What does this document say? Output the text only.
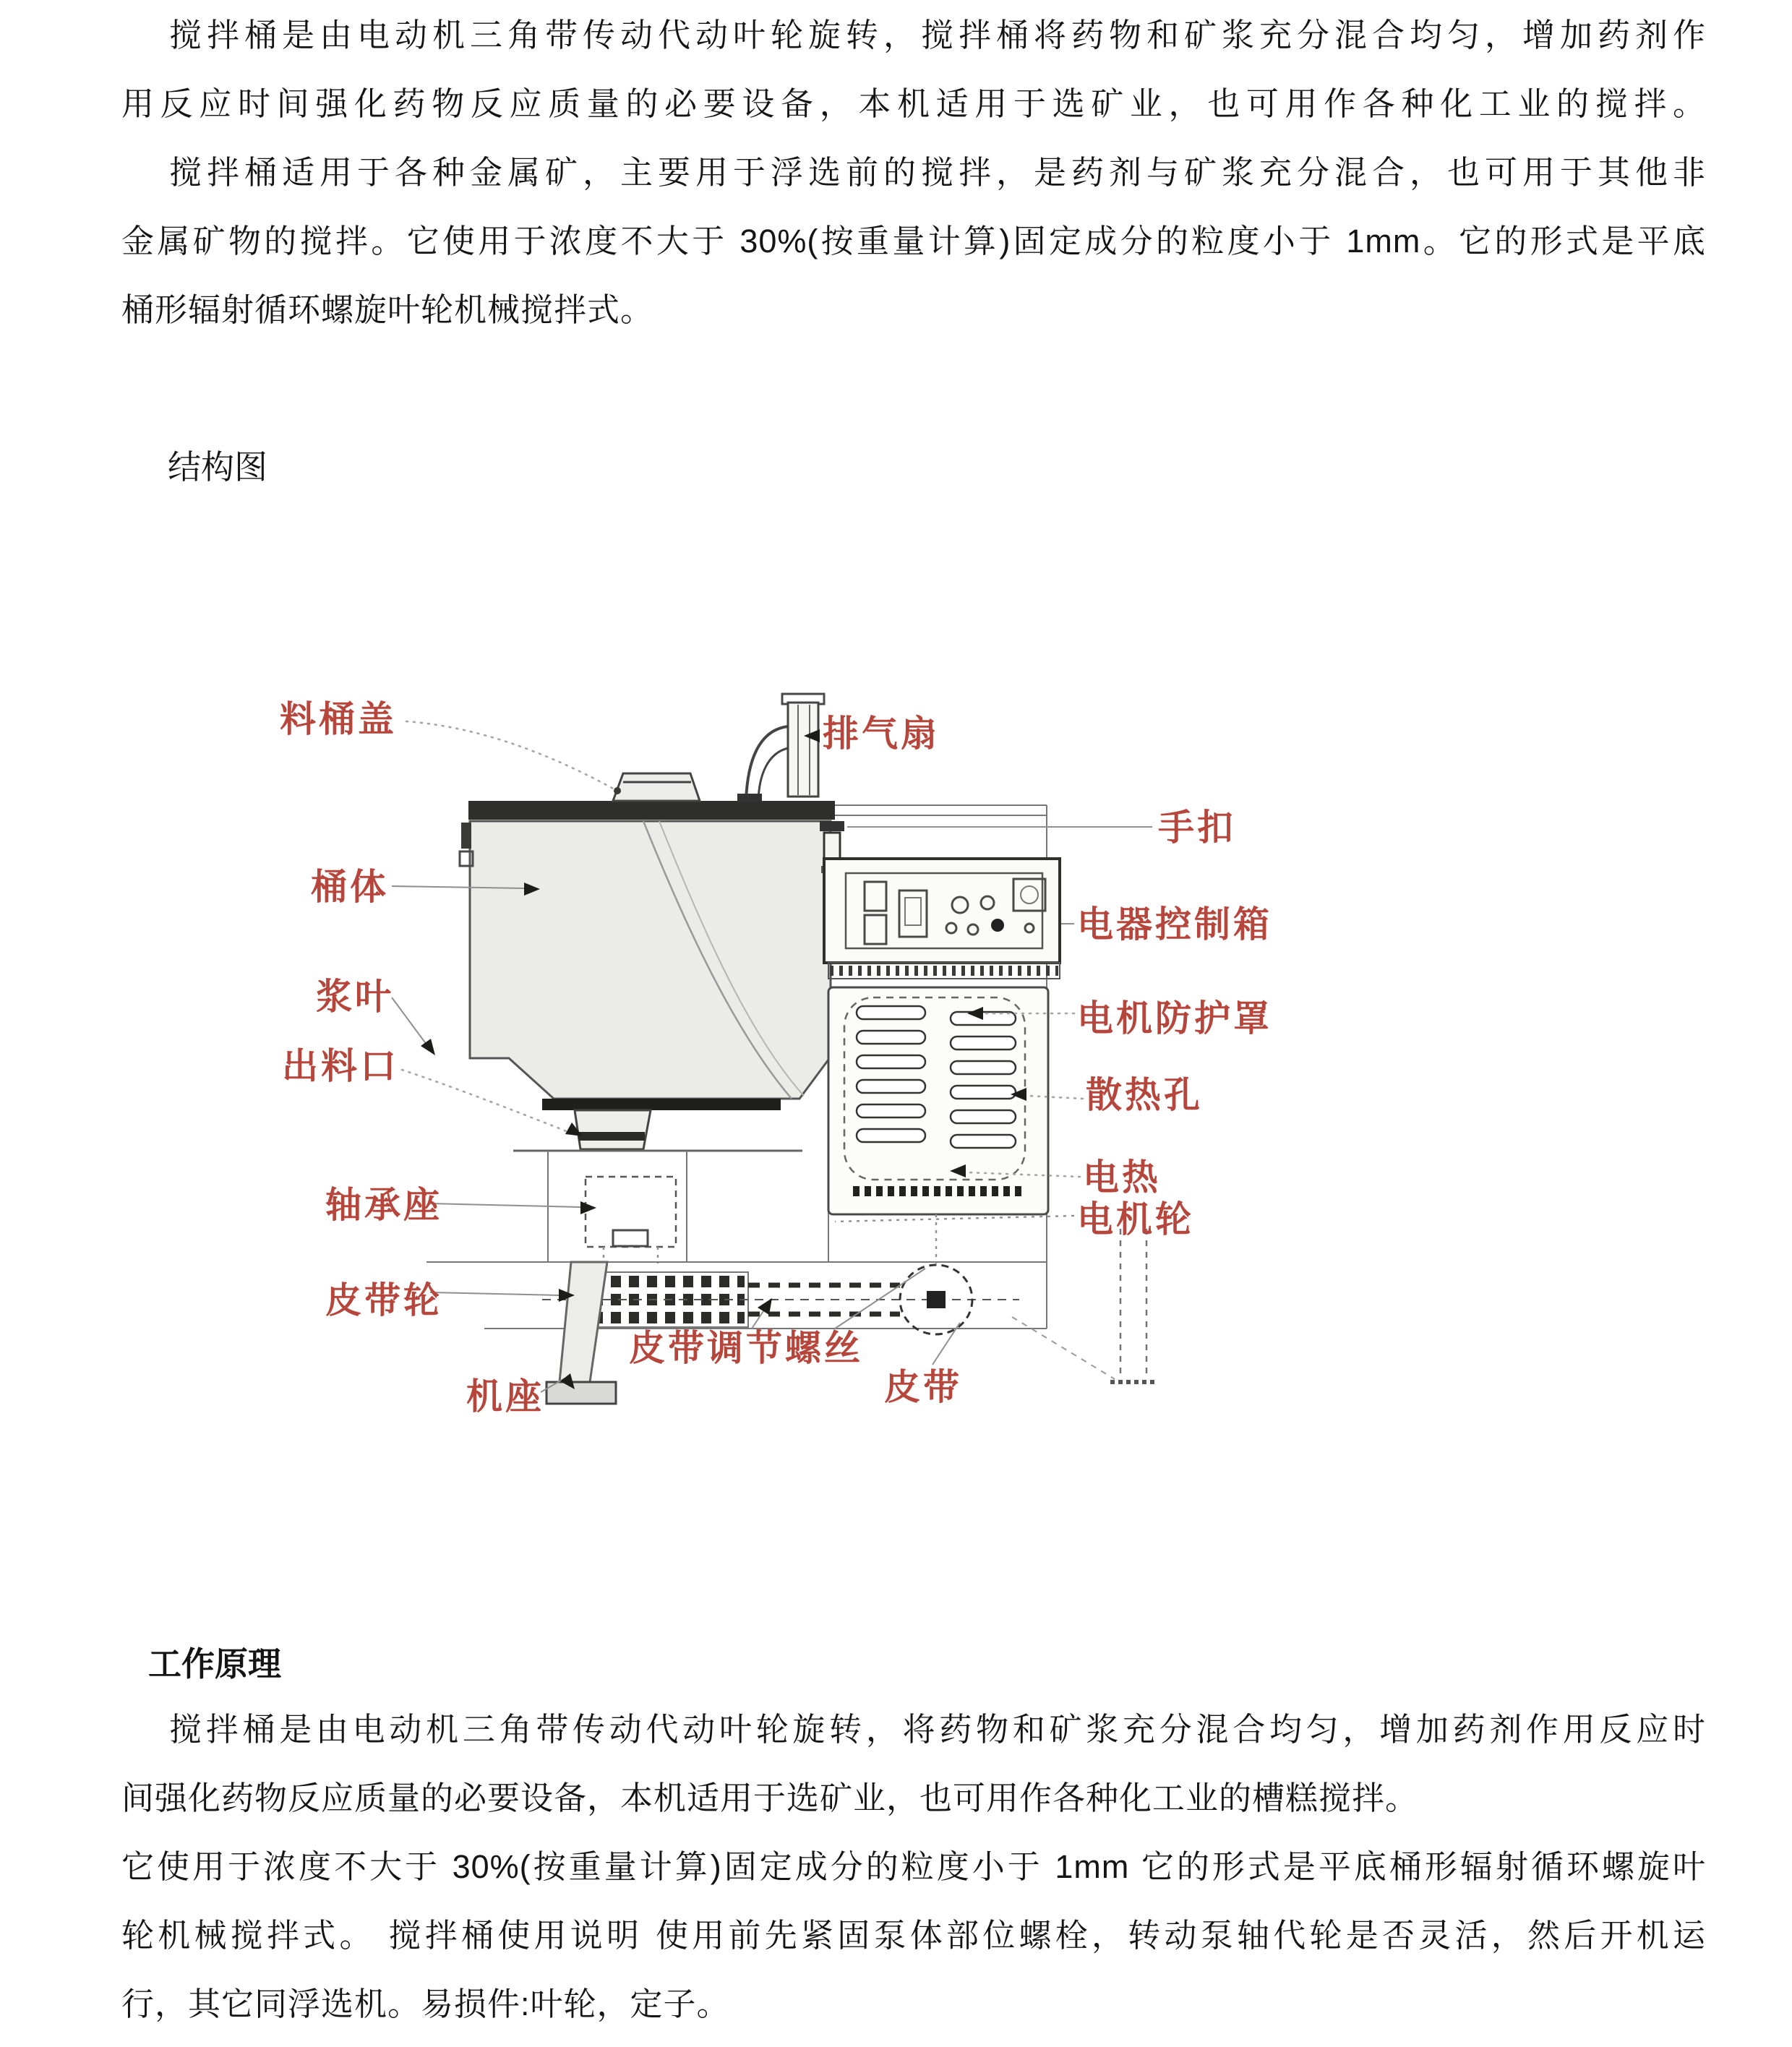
搅拌桶是由电动机三角带传动代动叶轮旋转，搅拌桶将药物和矿浆充分混合均匀，增加药剂作
用反应时间强化药物反应质量的必要设备，本机适用于选矿业，也可用作各种化工业的搅拌。
搅拌桶适用于各种金属矿，主要用于浮选前的搅拌，是药剂与矿浆充分混合，也可用于其他非
金属矿物的搅拌。它使用于浓度不大于 30%(按重量计算)固定成分的粒度小于 1mm。它的形式是平底
桶形辐射循环螺旋叶轮机械搅拌式。
结构图
料桶盖	排气扇
手扣
电器控制箱
电机防护罩
散热孔
电热
电机轮
桶体
浆叶
出料口
轴承座
皮带轮
皮带调节螺丝
机座	皮带
工作原理
搅拌桶是由电动机三角带传动代动叶轮旋转，将药物和矿浆充分混合均匀，增加药剂作用反应时
间强化药物反应质量的必要设备，本机适用于选矿业，也可用作各种化工业的槽糕搅拌。
它使用于浓度不大于 30%(按重量计算)固定成分的粒度小于 1mm 它的形式是平底桶形辐射循环螺旋叶
轮机械搅拌式。 搅拌桶使用说明 使用前先紧固泵体部位螺栓，转动泵轴代轮是否灵活，然后开机运
行，其它同浮选机。易损件:叶轮，定子。
